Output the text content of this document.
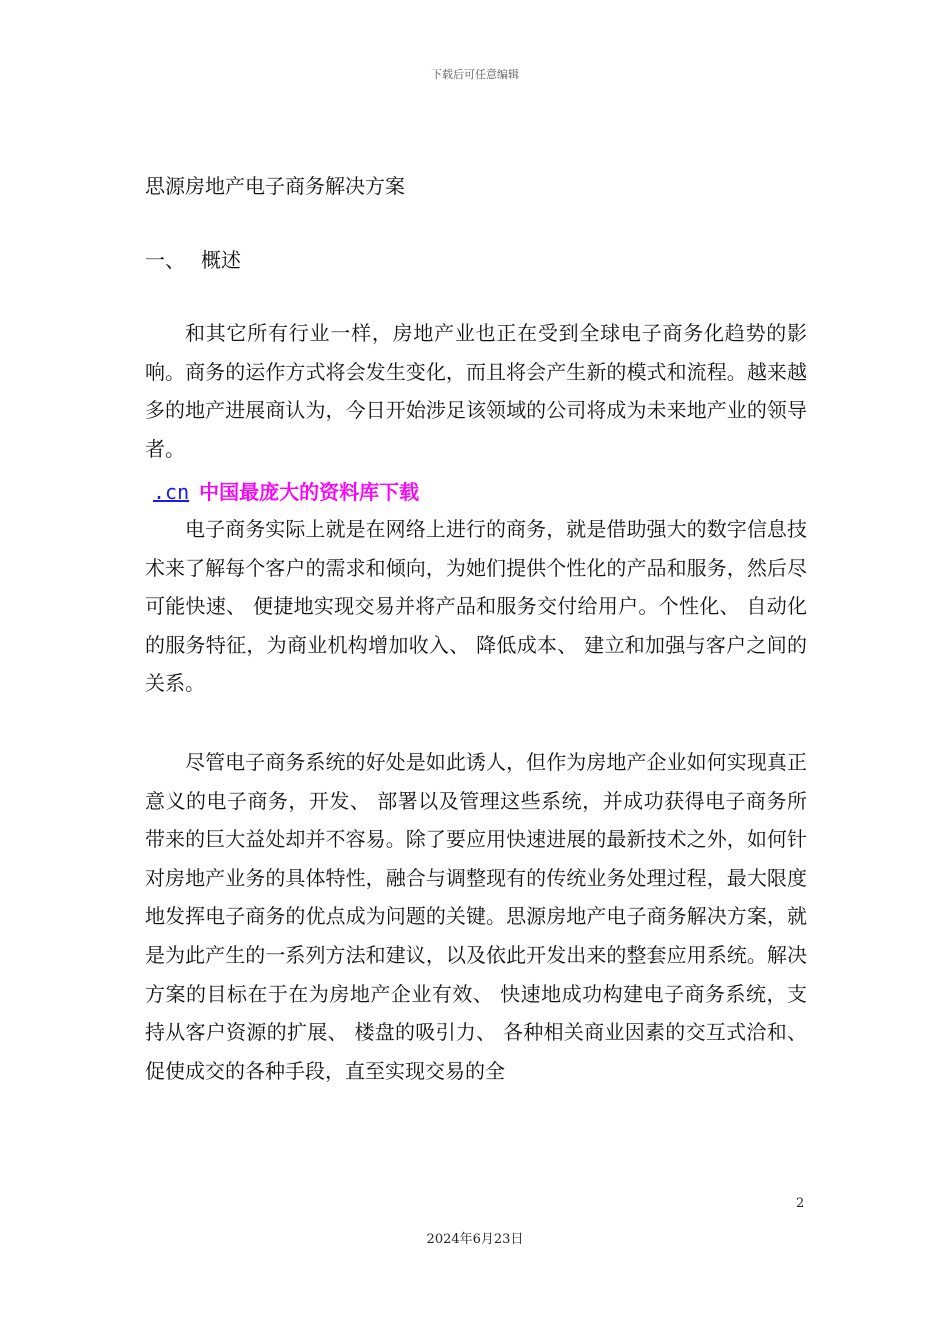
下载后可任意编辑
思源房地产电子商务解决方案
一、 概述

和其它所有行业一样，房地产业也正在受到全球电子商务化趋势的影响。商务的运作方式将会发生变化，而且将会产生新的模式和流程。越来越多的地产进展商认为，今日开始涉足该领域的公司将成为未来地产业的领导者。

.cn 中国最庞大的资料库下载

电子商务实际上就是在网络上进行的商务，就是借助强大的数字信息技术来了解每个客户的需求和倾向，为她们提供个性化的产品和服务，然后尽可能快速、 便捷地实现交易并将产品和服务交付给用户。个性化、 自动化的服务特征，为商业机构增加收入、 降低成本、 建立和加强与客户之间的关系。

尽管电子商务系统的好处是如此诱人，但作为房地产企业如何实现真正意义的电子商务，开发、 部署以及管理这些系统，并成功获得电子商务所带来的巨大益处却并不容易。除了要应用快速进展的最新技术之外，如何针对房地产业务的具体特性，融合与调整现有的传统业务处理过程，最大限度地发挥电子商务的优点成为问题的关键。思源房地产电子商务解决方案，就是为此产生的一系列方法和建议，以及依此开发出来的整套应用系统。解决方案的目标在于在为房地产企业有效、 快速地成功构建电子商务系统，支持从客户资源的扩展、 楼盘的吸引力、 各种相关商业因素的交互式洽和、 促使成交的各种手段，直至实现交易的全

2
2024年6月23日
